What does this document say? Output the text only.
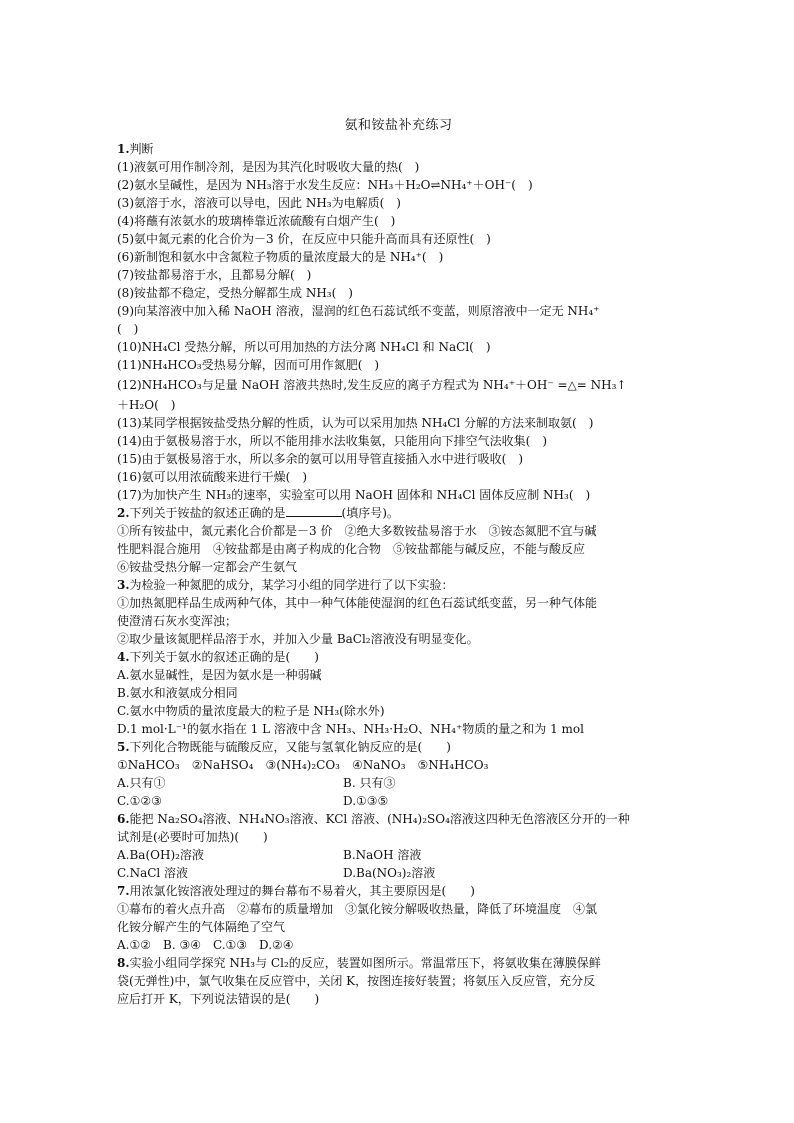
氨和铵盐补充练习
1.判断
(1)液氨可用作制冷剂，是因为其汽化时吸收大量的热(　)
(2)氨水呈碱性，是因为 NH₃溶于水发生反应：NH₃＋H₂O⇌NH₄⁺＋OH⁻(　)
(3)氨溶于水，溶液可以导电，因此 NH₃为电解质(　)
(4)将蘸有浓氨水的玻璃棒靠近浓硫酸有白烟产生(　)
(5)氨中氮元素的化合价为－3 价，在反应中只能升高而具有还原性(　)
(6)新制饱和氨水中含氮粒子物质的量浓度最大的是 NH₄⁺(　)
(7)铵盐都易溶于水，且都易分解(　)
(8)铵盐都不稳定，受热分解都生成 NH₃(　)
(9)向某溶液中加入稀 NaOH 溶液，湿润的红色石蕊试纸不变蓝，则原溶液中一定无 NH₄⁺
(　)
(10)NH₄Cl 受热分解，所以可用加热的方法分离 NH₄Cl 和 NaCl(　)
(11)NH₄HCO₃受热易分解，因而可用作氮肥(　)
(12)NH₄HCO₃与足量 NaOH 溶液共热时,发生反应的离子方程式为 NH₄⁺＋OH⁻ =△= NH₃↑
＋H₂O(　)
(13)某同学根据铵盐受热分解的性质，认为可以采用加热 NH₄Cl 分解的方法来制取氨(　)
(14)由于氨极易溶于水，所以不能用排水法收集氨，只能用向下排空气法收集(　)
(15)由于氨极易溶于水，所以多余的氨可以用导管直接插入水中进行吸收(　)
(16)氨可以用浓硫酸来进行干燥(　)
(17)为加快产生 NH₃的速率，实验室可以用 NaOH 固体和 NH₄Cl 固体反应制 NH₃(　)
2.下列关于铵盐的叙述正确的是	(填序号)。
①所有铵盐中，氮元素化合价都是－3 价　②绝大多数铵盐易溶于水　③铵态氮肥不宜与碱
性肥料混合施用　④铵盐都是由离子构成的化合物　⑤铵盐都能与碱反应，不能与酸反应
⑥铵盐受热分解一定都会产生氨气
3.为检验一种氮肥的成分，某学习小组的同学进行了以下实验：
①加热氮肥样品生成两种气体，其中一种气体能使湿润的红色石蕊试纸变蓝，另一种气体能
使澄清石灰水变浑浊；
②取少量该氮肥样品溶于水，并加入少量 BaCl₂溶液没有明显变化。
4.下列关于氨水的叙述正确的是(　　)
A.氨水显碱性，是因为氨水是一种弱碱
B.氨水和液氨成分相同
C.氨水中物质的量浓度最大的粒子是 NH₃(除水外)
D.1 mol·L⁻¹的氨水指在 1 L 溶液中含 NH₃、NH₃·H₂O、NH₄⁺物质的量之和为 1 mol
5.下列化合物既能与硫酸反应，又能与氢氧化钠反应的是(　　)
①NaHCO₃　②NaHSO₄　③(NH₄)₂CO₃　④NaNO₃　⑤NH₄HCO₃
A.只有①	B. 只有③
C.①②③	D.①③⑤
6.能把 Na₂SO₄溶液、NH₄NO₃溶液、KCl 溶液、(NH₄)₂SO₄溶液这四种无色溶液区分开的一种
试剂是(必要时可加热)(　　)
A.Ba(OH)₂溶液	B.NaOH 溶液
C.NaCl 溶液	D.Ba(NO₃)₂溶液
7.用浓氯化铵溶液处理过的舞台幕布不易着火，其主要原因是(　　)
①幕布的着火点升高　②幕布的质量增加　③氯化铵分解吸收热量，降低了环境温度　④氯
化铵分解产生的气体隔绝了空气
A.①②　B. ③④　C.①③　D.②④
8.实验小组同学探究 NH₃与 Cl₂的反应，装置如图所示。常温常压下，将氨收集在薄膜保鲜
袋(无弹性)中，氯气收集在反应管中，关闭 K，按图连接好装置；将氨压入反应管，充分反
应后打开 K，下列说法错误的是(　　)
